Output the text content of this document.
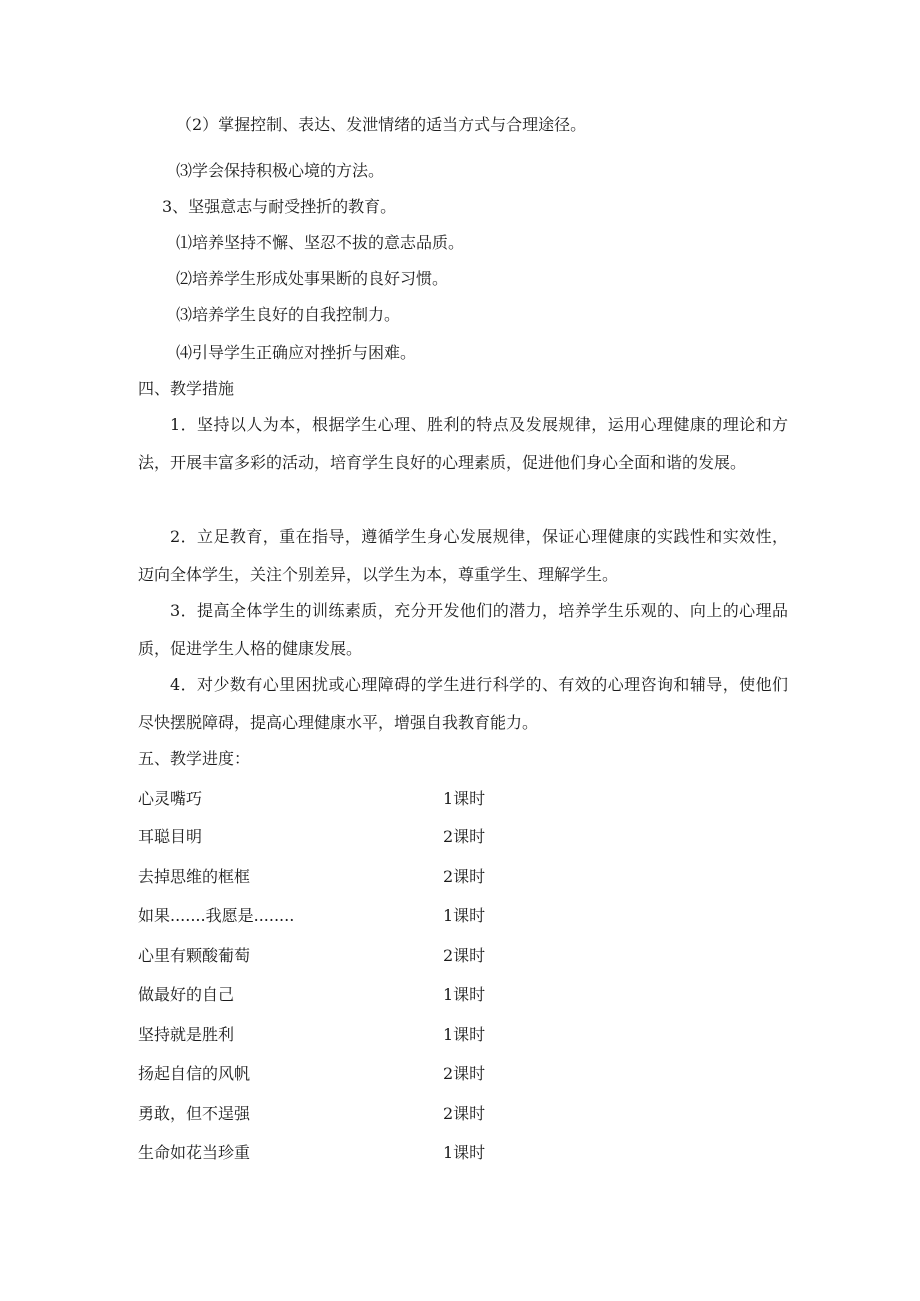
（2）掌握控制、表达、发泄情绪的适当方式与合理途径。
⑶学会保持积极心境的方法。
3、坚强意志与耐受挫折的教育。
⑴培养坚持不懈、坚忍不拔的意志品质。
⑵培养学生形成处事果断的良好习惯。
⑶培养学生良好的自我控制力。
⑷引导学生正确应对挫折与困难。
四、教学措施
1．坚持以人为本，根据学生心理、胜利的特点及发展规律，运用心理健康的理论和方法，开展丰富多彩的活动，培育学生良好的心理素质，促进他们身心全面和谐的发展。
2．立足教育，重在指导，遵循学生身心发展规律，保证心理健康的实践性和实效性，迈向全体学生，关注个别差异，以学生为本，尊重学生、理解学生。
3．提高全体学生的训练素质，充分开发他们的潜力，培养学生乐观的、向上的心理品质，促进学生人格的健康发展。
4．对少数有心里困扰或心理障碍的学生进行科学的、有效的心理咨询和辅导，使他们尽快摆脱障碍，提高心理健康水平，增强自我教育能力。
五、教学进度：
心灵嘴巧	1课时
耳聪目明	2课时
去掉思维的框框	2课时
如果.......我愿是........	1课时
心里有颗酸葡萄	2课时
做最好的自己	1课时
坚持就是胜利	1课时
扬起自信的风帆	2课时
勇敢，但不逞强	2课时
生命如花当珍重	1课时
